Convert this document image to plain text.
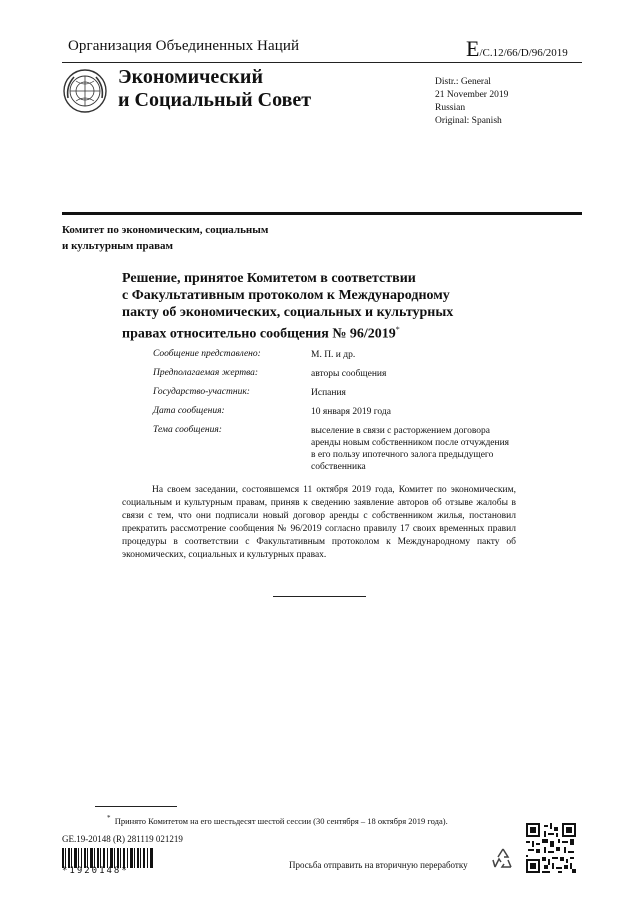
Организация Объединенных Наций	E/C.12/66/D/96/2019
Экономический
и Социальный Совет
Distr.: General
21 November 2019
Russian
Original: Spanish
Комитет по экономическим, социальным
и культурным правам
Решение, принятое Комитетом в соответствии
с Факультативным протоколом к Международному
пакту об экономических, социальных и культурных
правах относительно сообщения № 96/2019*
Сообщение представлено:	М. П. и др.
Предполагаемая жертва:	авторы сообщения
Государство-участник:	Испания
Дата сообщения:	10 января 2019 года
Тема сообщения:	выселение в связи с расторжением договора аренды новым собственником после отчуждения в его пользу ипотечного залога предыдущего собственника
На своем заседании, состоявшемся 11 октября 2019 года, Комитет по экономическим, социальным и культурным правам, приняв к сведению заявление авторов об отзыве жалобы в связи с тем, что они подписали новый договор аренды с собственником жилья, постановил прекратить рассмотрение сообщения № 96/2019 согласно правилу 17 своих временных правил процедуры в соответствии с Факультативным протоколом к Международному пакту об экономических, социальных и культурных правах.
* Принято Комитетом на его шестьдесят шестой сессии (30 сентября – 18 октября 2019 года).
GE.19-20148 (R) 281119 021219
*1920148*
Просьба отправить на вторичную переработку
